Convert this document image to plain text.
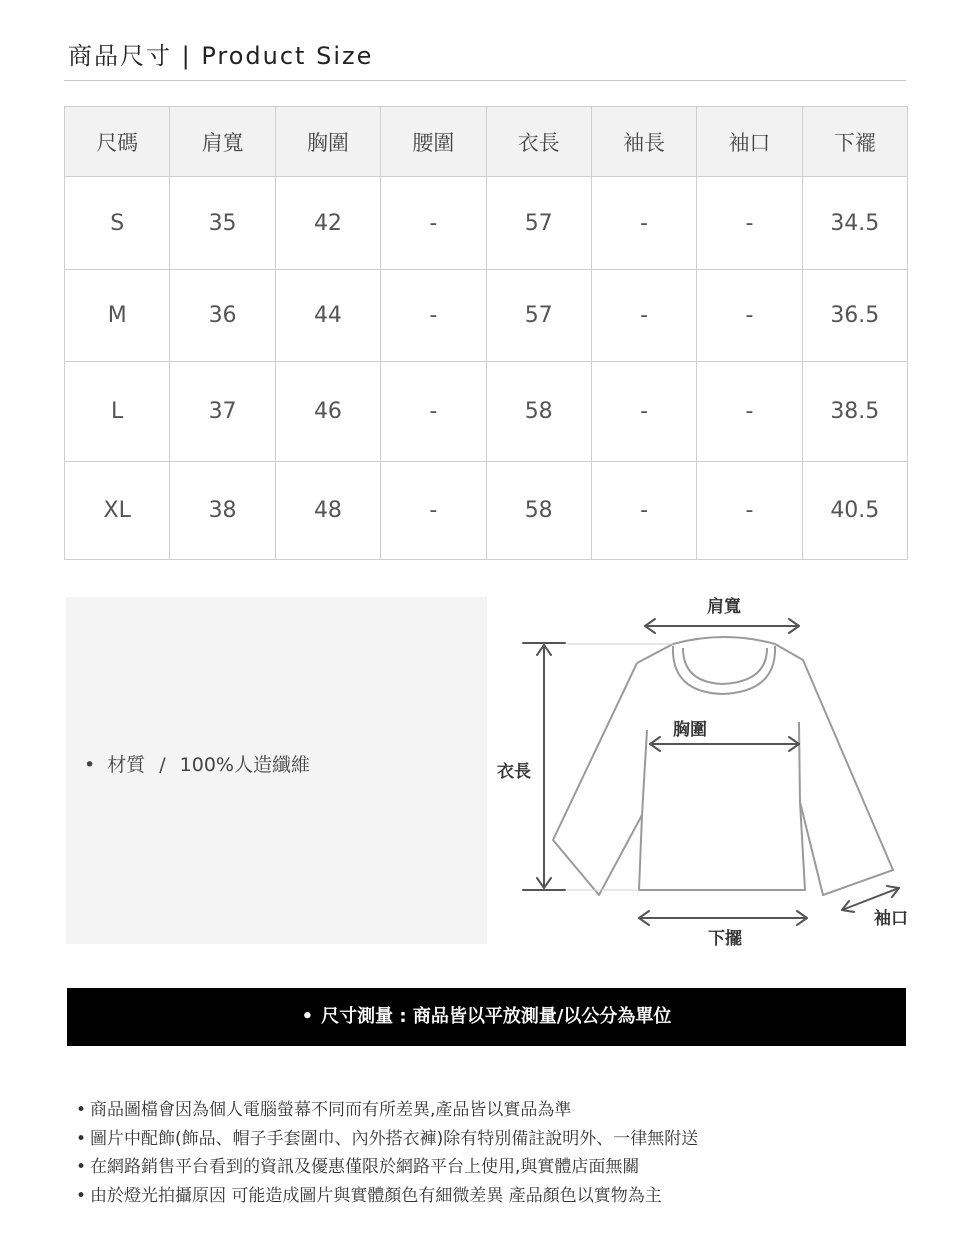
商品尺寸 | Product Size
尺碼	肩寬	胸圍	腰圍	衣長	袖長	袖口	下襬
S	35	42	-	57	-	-	34.5
M	36	44	-	57	-	-	36.5
L	37	46	-	58	-	-	38.5
XL	38	48	-	58	-	-	40.5
• 材質 / 100%人造纖維
肩寬
胸圍
衣長
下擺
袖口
• 尺寸測量 : 商品皆以平放測量/以公分為單位
• 商品圖檔會因為個人電腦螢幕不同而有所差異,產品皆以實品為準
• 圖片中配飾(飾品、帽子手套圍巾、內外搭衣褲)除有特別備註說明外、一律無附送
• 在網路銷售平台看到的資訊及優惠僅限於網路平台上使用,與實體店面無關
• 由於燈光拍攝原因 可能造成圖片與實體顏色有細微差異 產品顏色以實物為主
